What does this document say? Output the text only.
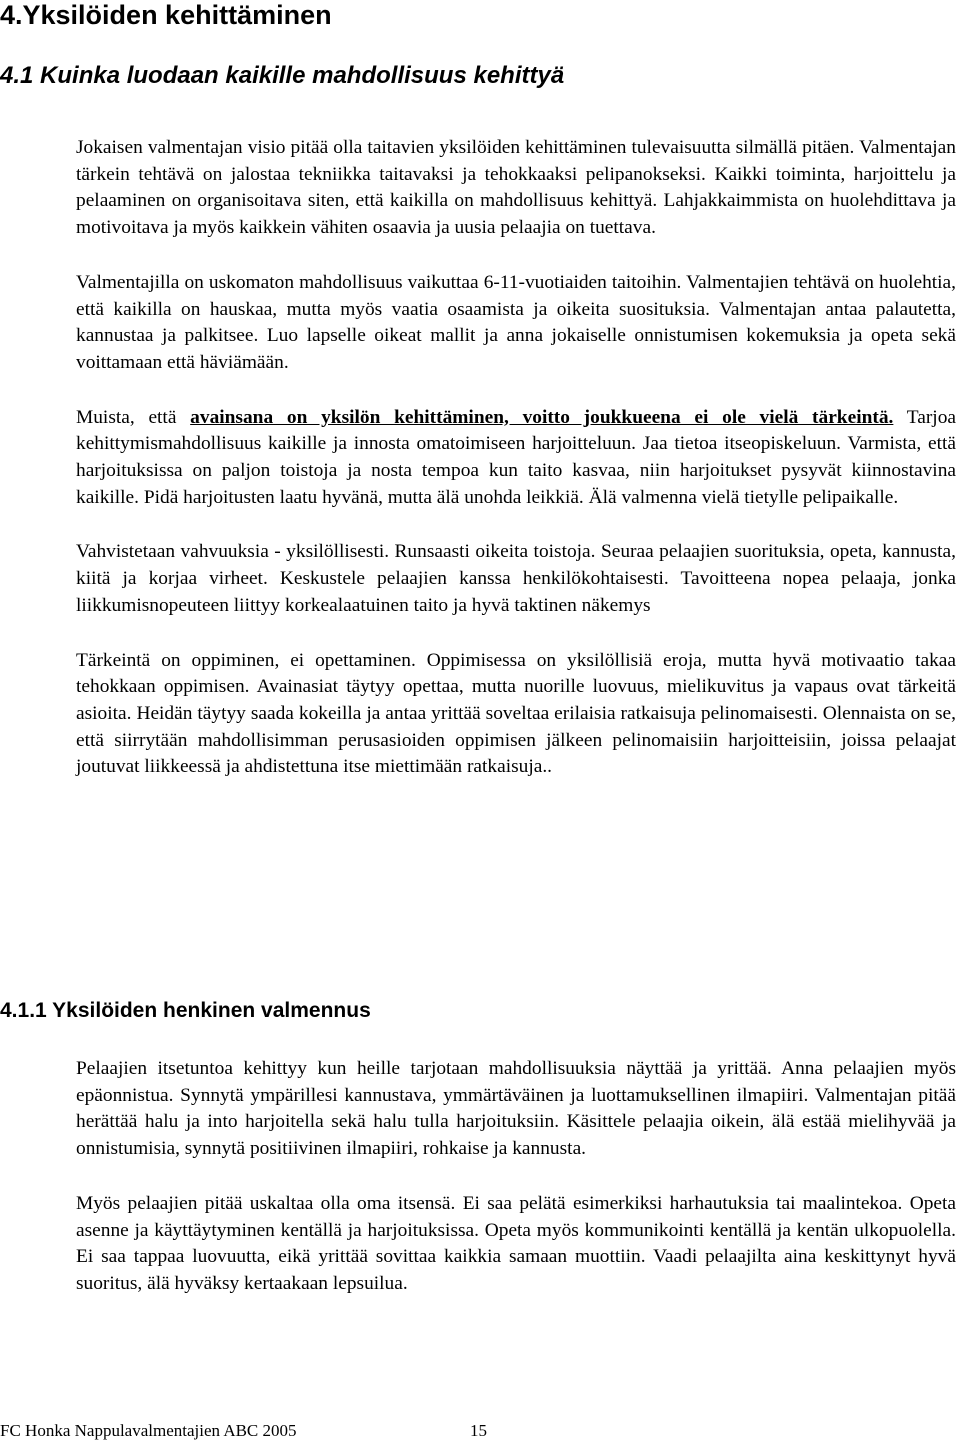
4.Yksilöiden kehittäminen
4.1 Kuinka luodaan kaikille mahdollisuus kehittyä

Jokaisen valmentajan visio pitää olla taitavien yksilöiden kehittäminen tulevaisuutta silmällä pitäen. Valmentajan tärkein tehtävä on jalostaa tekniikka taitavaksi ja tehokkaaksi pelipanokseksi. Kaikki toiminta, harjoittelu ja pelaaminen on organisoitava siten, että kaikilla on mahdollisuus kehittyä. Lahjakkaimmista on huolehdittava ja motivoitava ja myös kaikkein vähiten osaavia ja uusia pelaajia on tuettava.

Valmentajilla on uskomaton mahdollisuus vaikuttaa 6-11-vuotiaiden taitoihin. Valmentajien tehtävä on huolehtia, että kaikilla on hauskaa, mutta myös vaatia osaamista ja oikeita suosituksia. Valmentajan antaa palautetta, kannustaa ja palkitsee. Luo lapselle oikeat mallit ja anna jokaiselle onnistumisen kokemuksia ja opeta sekä voittamaan että häviämään.

Muista, että avainsana on yksilön kehittäminen, voitto joukkueena ei ole vielä tärkeintä. Tarjoa kehittymismahdollisuus kaikille ja innosta omatoimiseen harjoitteluun. Jaa tietoa itseopiskeluun. Varmista, että harjoituksissa on paljon toistoja ja nosta tempoa kun taito kasvaa, niin harjoitukset pysyvät kiinnostavina kaikille. Pidä harjoitusten laatu hyvänä, mutta älä unohda leikkiä. Älä valmenna vielä tietylle pelipaikalle.

Vahvistetaan vahvuuksia - yksilöllisesti. Runsaasti oikeita toistoja. Seuraa pelaajien suorituksia, opeta, kannusta, kiitä ja korjaa virheet. Keskustele pelaajien kanssa henkilökohtaisesti. Tavoitteena nopea pelaaja, jonka liikkumisnopeuteen liittyy korkealaatuinen taito ja hyvä taktinen näkemys

Tärkeintä on oppiminen, ei opettaminen. Oppimisessa on yksilöllisiä eroja, mutta hyvä motivaatio takaa tehokkaan oppimisen. Avainasiat täytyy opettaa, mutta nuorille luovuus, mielikuvitus ja vapaus ovat tärkeitä asioita. Heidän täytyy saada kokeilla ja antaa yrittää soveltaa erilaisia ratkaisuja pelinomaisesti. Olennaista on se, että siirrytään mahdollisimman perusasioiden oppimisen jälkeen pelinomaisiin harjoitteisiin, joissa pelaajat joutuvat liikkeessä ja ahdistettuna itse miettimään ratkaisuja..

4.1.1 Yksilöiden henkinen valmennus

Pelaajien itsetuntoa kehittyy kun heille tarjotaan mahdollisuuksia näyttää ja yrittää. Anna pelaajien myös epäonnistua. Synnytä ympärillesi kannustava, ymmärtäväinen ja luottamuksellinen ilmapiiri. Valmentajan pitää herättää halu ja into harjoitella sekä halu tulla harjoituksiin. Käsittele pelaajia oikein, älä estää mielihyvää ja onnistumisia, synnytä positiivinen ilmapiiri, rohkaise ja kannusta.

Myös pelaajien pitää uskaltaa olla oma itsensä. Ei saa pelätä esimerkiksi harhautuksia tai maalintekoa. Opeta asenne ja käyttäytyminen kentällä ja harjoituksissa. Opeta myös kommunikointi kentällä ja kentän ulkopuolella. Ei saa tappaa luovuutta, eikä yrittää sovittaa kaikkia samaan muottiin. Vaadi pelaajilta aina keskittynyt hyvä suoritus, älä hyväksy kertaakaan lepsuilua.

FC Honka Nappulavalmentajien ABC 2005	15
